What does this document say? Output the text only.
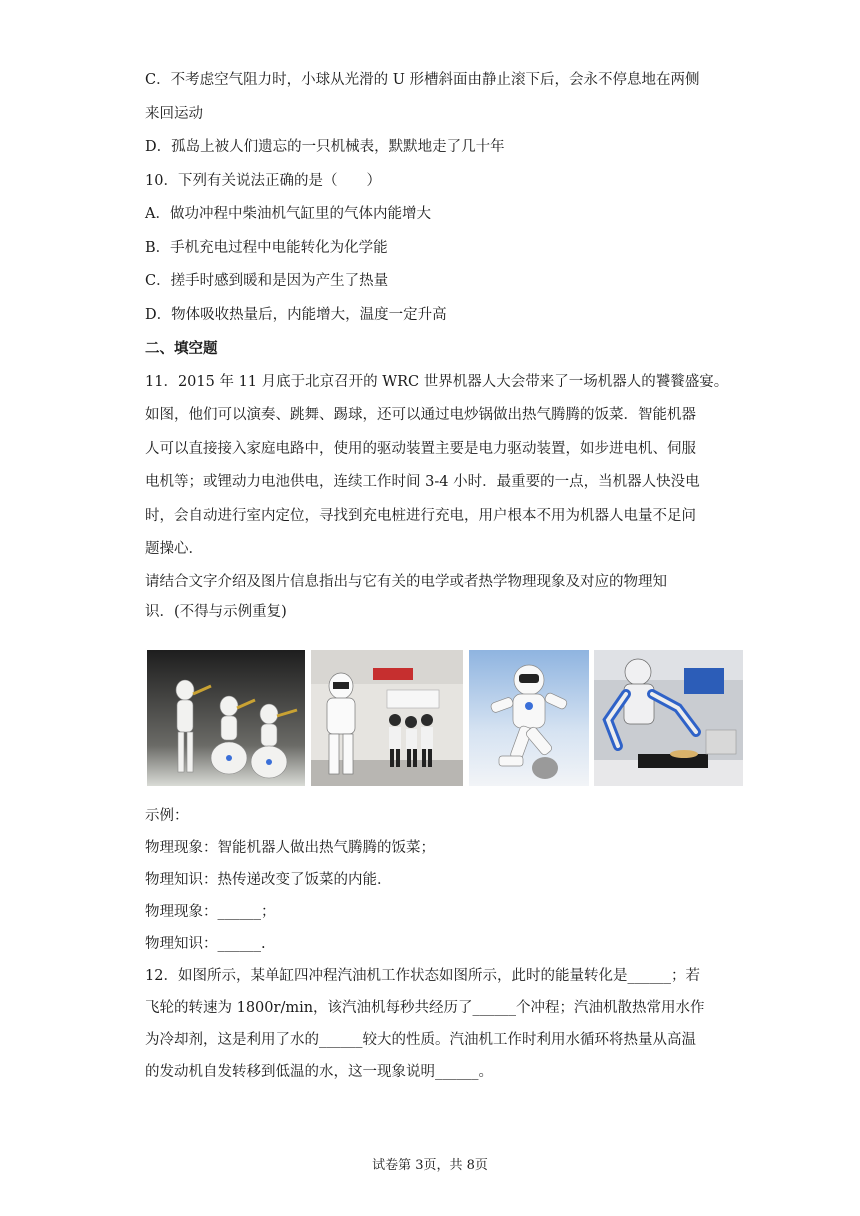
C．不考虑空气阻力时，小球从光滑的 U 形槽斜面由静止滚下后，会永不停息地在两侧
来回运动
D．孤岛上被人们遗忘的一只机械表，默默地走了几十年
10．下列有关说法正确的是（　　）
A．做功冲程中柴油机气缸里的气体内能增大
B．手机充电过程中电能转化为化学能
C．搓手时感到暖和是因为产生了热量
D．物体吸收热量后，内能增大，温度一定升高
二、填空题
11．2015 年 11 月底于北京召开的 WRC 世界机器人大会带来了一场机器人的饕餮盛宴。
如图，他们可以演奏、跳舞、踢球，还可以通过电炒锅做出热气腾腾的饭菜．智能机器
人可以直接接入家庭电路中，使用的驱动装置主要是电力驱动装置，如步进电机、伺服
电机等；或锂动力电池供电，连续工作时间 3-4 小时．最重要的一点，当机器人快没电
时，会自动进行室内定位，寻找到充电桩进行充电，用户根本不用为机器人电量不足问
题操心．
请结合文字介绍及图片信息指出与它有关的电学或者热学物理现象及对应的物理知
识．(不得与示例重复)
示例：
物理现象：智能机器人做出热气腾腾的饭菜；
物理知识：热传递改变了饭菜的内能．
物理现象：______；
物理知识：______.
12．如图所示，某单缸四冲程汽油机工作状态如图所示，此时的能量转化是______；若
飞轮的转速为 1800r/min，该汽油机每秒共经历了______个冲程；汽油机散热常用水作
为冷却剂，这是利用了水的______较大的性质。汽油机工作时利用水循环将热量从高温
的发动机自发转移到低温的水，这一现象说明______。
试卷第 3页，共 8页
